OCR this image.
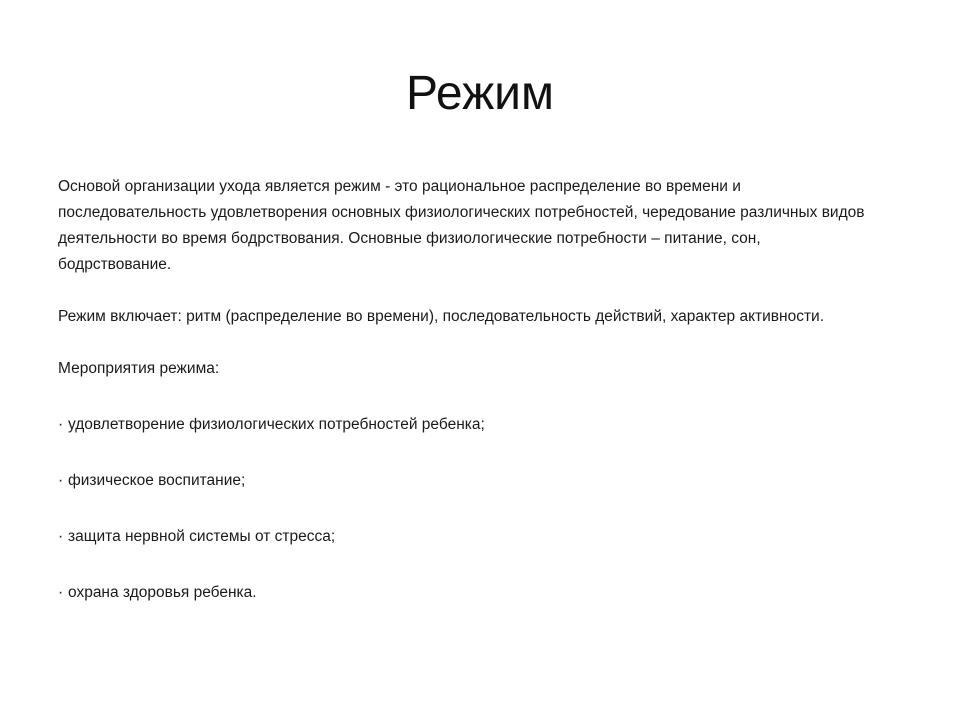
Режим

Основой организации ухода является режим - это рациональное распределение во времени и последовательность удовлетворения основных физиологических потребностей, чередование различных видов деятельности во время бодрствования. Основные физиологические потребности – питание, сон, бодрствование.

Режим включает: ритм (распределение во времени), последовательность действий, характер активности.

Мероприятия режима:

· удовлетворение физиологических потребностей ребенка;
· физическое воспитание;
· защита нервной системы от стресса;
· охрана здоровья ребенка.
